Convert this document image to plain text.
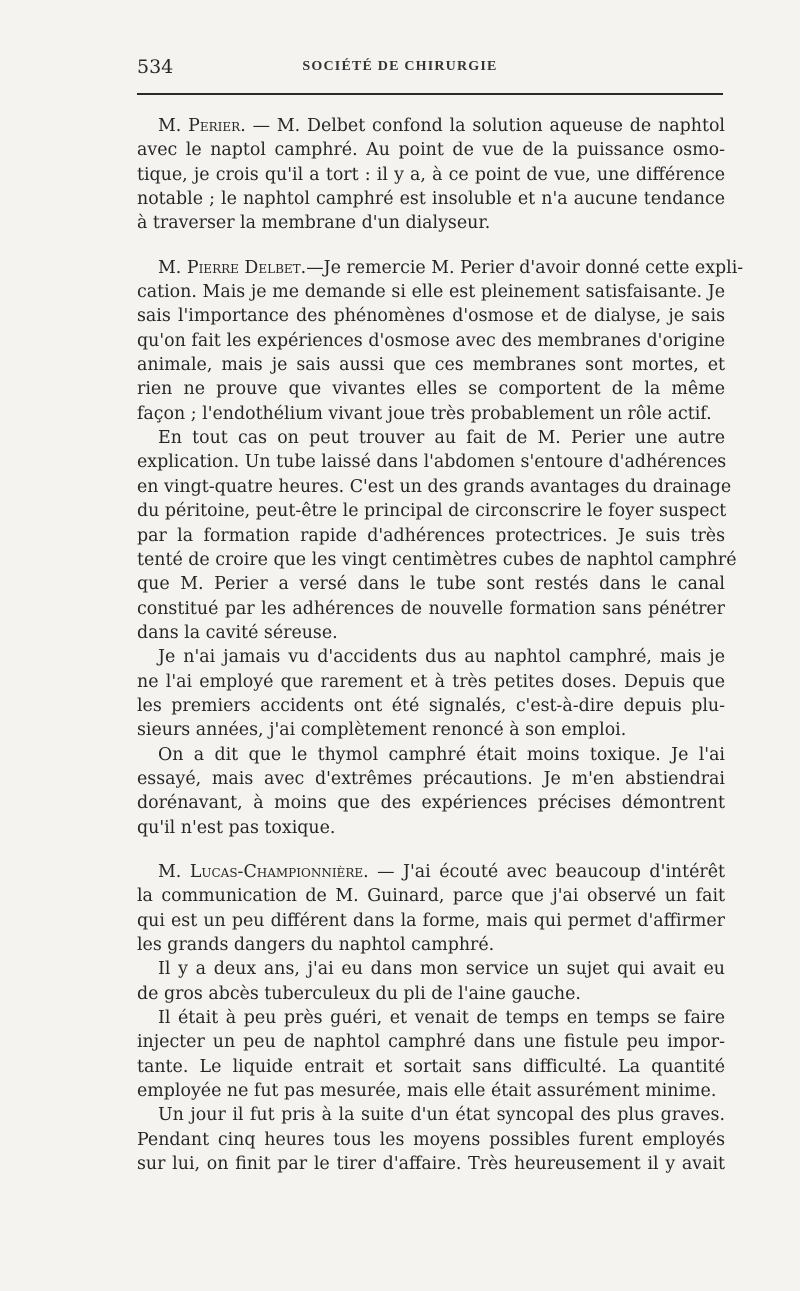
534	SOCIÉTÉ DE CHIRURGIE
M. Perier. — M. Delbet confond la solution aqueuse de naphtol
avec le naptol camphré. Au point de vue de la puissance osmo-
tique, je crois qu'il a tort : il y a, à ce point de vue, une différence
notable ; le naphtol camphré est insoluble et n'a aucune tendance
à traverser la membrane d'un dialyseur.
M. Pierre Delbet.—Je remercie M. Perier d'avoir donné cette expli-
cation. Mais je me demande si elle est pleinement satisfaisante. Je
sais l'importance des phénomènes d'osmose et de dialyse, je sais
qu'on fait les expériences d'osmose avec des membranes d'origine
animale, mais je sais aussi que ces membranes sont mortes, et
rien ne prouve que vivantes elles se comportent de la même
façon ; l'endothélium vivant joue très probablement un rôle actif.
En tout cas on peut trouver au fait de M. Perier une autre
explication. Un tube laissé dans l'abdomen s'entoure d'adhérences
en vingt-quatre heures. C'est un des grands avantages du drainage
du péritoine, peut-être le principal de circonscrire le foyer suspect
par la formation rapide d'adhérences protectrices. Je suis très
tenté de croire que les vingt centimètres cubes de naphtol camphré
que M. Perier a versé dans le tube sont restés dans le canal
constitué par les adhérences de nouvelle formation sans pénétrer
dans la cavité séreuse.
Je n'ai jamais vu d'accidents dus au naphtol camphré, mais je
ne l'ai employé que rarement et à très petites doses. Depuis que
les premiers accidents ont été signalés, c'est-à-dire depuis plu-
sieurs années, j'ai complètement renoncé à son emploi.
On a dit que le thymol camphré était moins toxique. Je l'ai
essayé, mais avec d'extrêmes précautions. Je m'en abstiendrai
dorénavant, à moins que des expériences précises démontrent
qu'il n'est pas toxique.
M. Lucas-Championnière. — J'ai écouté avec beaucoup d'intérêt
la communication de M. Guinard, parce que j'ai observé un fait
qui est un peu différent dans la forme, mais qui permet d'affirmer
les grands dangers du naphtol camphré.
Il y a deux ans, j'ai eu dans mon service un sujet qui avait eu
de gros abcès tuberculeux du pli de l'aine gauche.
Il était à peu près guéri, et venait de temps en temps se faire
injecter un peu de naphtol camphré dans une fistule peu impor-
tante. Le liquide entrait et sortait sans difficulté. La quantité
employée ne fut pas mesurée, mais elle était assurément minime.
Un jour il fut pris à la suite d'un état syncopal des plus graves.
Pendant cinq heures tous les moyens possibles furent employés
sur lui, on finit par le tirer d'affaire. Très heureusement il y avait
